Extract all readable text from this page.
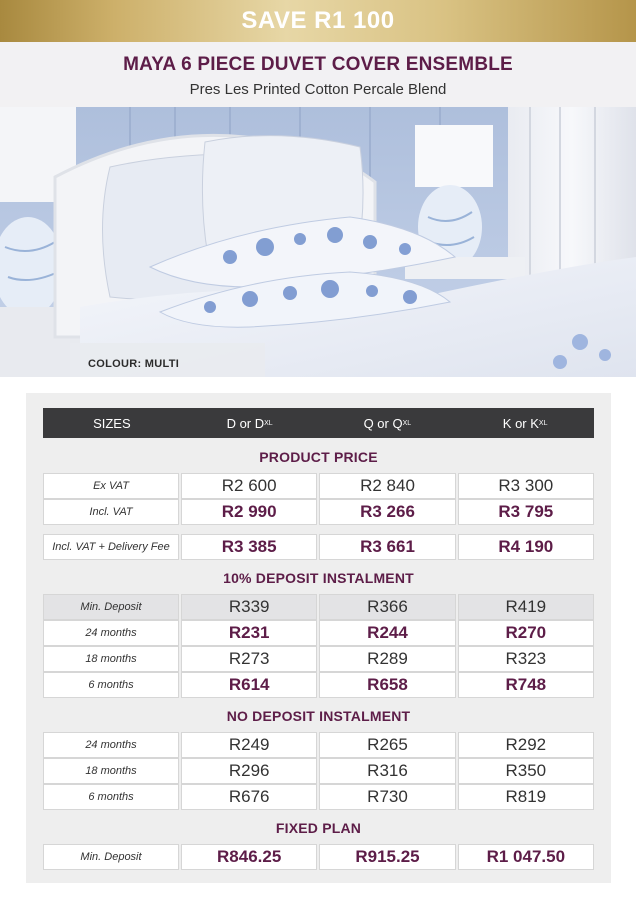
SAVE R1 100
MAYA 6 PIECE DUVET COVER ENSEMBLE
Pres Les Printed Cotton Percale Blend
COLOUR: MULTI
SIZES	D or D XL	Q or Q XL	K or K XL
PRODUCT PRICE
Ex VAT	R2 600	R2 840	R3 300
Incl. VAT	R2 990	R3 266	R3 795
Incl. VAT + Delivery Fee	R3 385	R3 661	R4 190
10% DEPOSIT INSTALMENT
Min. Deposit	R339	R366	R419
24 months	R231	R244	R270
18 months	R273	R289	R323
6 months	R614	R658	R748
NO DEPOSIT INSTALMENT
24 months	R249	R265	R292
18 months	R296	R316	R350
6 months	R676	R730	R819
FIXED PLAN
Min. Deposit	R846.25	R915.25	R1 047.50
